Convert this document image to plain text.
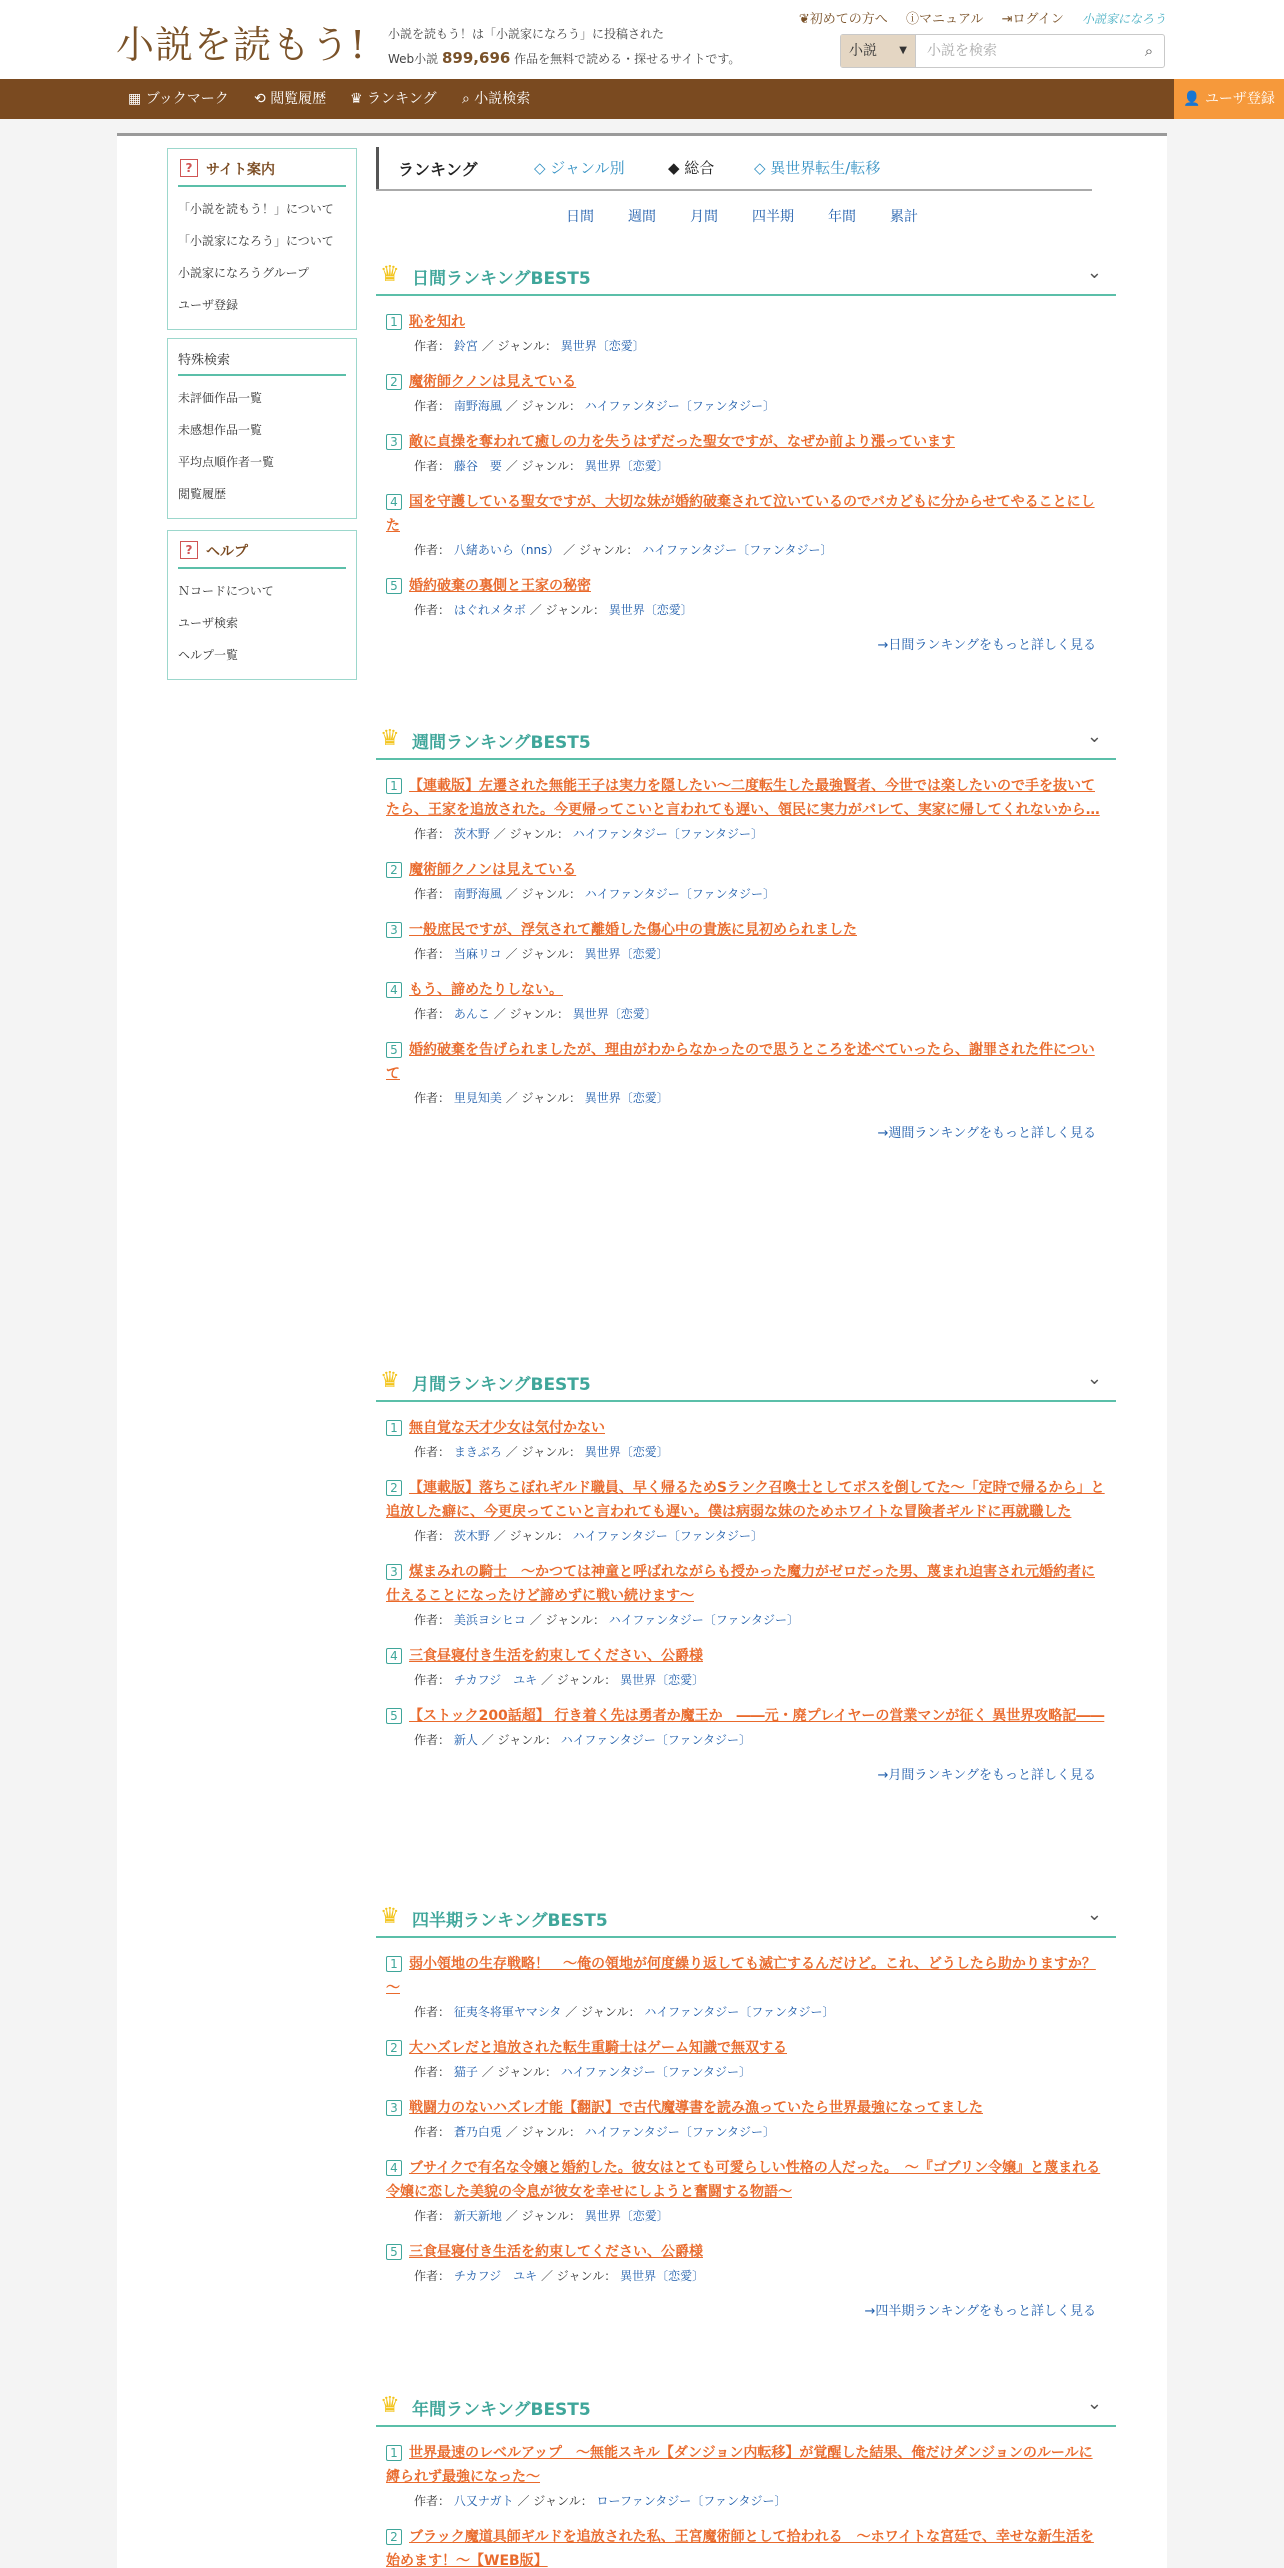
小説を読もう! 小説を読もう！は「小説家になろう」に投稿された
Web小説 899,696 作品を無料で読める・探せるサイトです。
❦初めての方へ ⓘマニュアル ⇥ログイン 小説家になろう
小説 ▼ 小説を検索	⌕
▦ ブックマーク ⟲ 閲覧履歴 ♛ ランキング ⌕ 小説検索	👤 ユーザ登録
? サイト案内
「小説を読もう！」について
「小説家になろう」について
小説家になろうグループ
ユーザ登録
特殊検索
未評価作品一覧
未感想作品一覧
平均点順作者一覧
閲覧履歴
? ヘルプ
Ｎコードについて
ユーザ検索
ヘルプ一覧
ランキング	◇ ジャンル別	◆ 総合	◇ 異世界転生/転移
日間 週間 月間 四半期 年間 累計
♛ 日間ランキングBEST5	⌄
1 恥を知れ
作者： 鈴宮 ／ ジャンル： 異世界〔恋愛〕
2 魔術師クノンは見えている
作者： 南野海風 ／ ジャンル： ハイファンタジー〔ファンタジー〕
3 敵に貞操を奪われて癒しの力を失うはずだった聖女ですが、なぜか前より漲っています
作者： 藤谷　要 ／ ジャンル： 異世界〔恋愛〕
4 国を守護している聖女ですが、大切な妹が婚約破棄されて泣いているのでバカどもに分からせてやることにした
作者： 八緒あいら（nns） ／ ジャンル： ハイファンタジー〔ファンタジー〕
5 婚約破棄の裏側と王家の秘密
作者： はぐれメタボ ／ ジャンル： 異世界〔恋愛〕
→日間ランキングをもっと詳しく見る
♛ 週間ランキングBEST5	⌄
1 【連載版】左遷された無能王子は実力を隠したい～二度転生した最強賢者、今世では楽したいので手を抜いてたら、王家を追放された。今更帰ってこいと言われても遅い、領民に実力がバレて、実家に帰してくれないから…
作者： 茨木野 ／ ジャンル： ハイファンタジー〔ファンタジー〕
2 魔術師クノンは見えている
作者： 南野海風 ／ ジャンル： ハイファンタジー〔ファンタジー〕
3 一般庶民ですが、浮気されて離婚した傷心中の貴族に見初められました
作者： 当麻リコ ／ ジャンル： 異世界〔恋愛〕
4 もう、諦めたりしない。
作者： あんこ ／ ジャンル： 異世界〔恋愛〕
5 婚約破棄を告げられましたが、理由がわからなかったので思うところを述べていったら、謝罪された件について
作者： 里見知美 ／ ジャンル： 異世界〔恋愛〕
→週間ランキングをもっと詳しく見る
♛ 月間ランキングBEST5	⌄
1 無自覚な天才少女は気付かない
作者： まきぶろ ／ ジャンル： 異世界〔恋愛〕
2 【連載版】落ちこぼれギルド職員、早く帰るためSランク召喚士としてボスを倒してた～「定時で帰るから」と追放した癖に、今更戻ってこいと言われても遅い。僕は病弱な妹のためホワイトな冒険者ギルドに再就職した
作者： 茨木野 ／ ジャンル： ハイファンタジー〔ファンタジー〕
3 煤まみれの騎士　～かつては神童と呼ばれながらも授かった魔力がゼロだった男、蔑まれ迫害され元婚約者に仕えることになったけど諦めずに戦い続けます～
作者： 美浜ヨシヒコ ／ ジャンル： ハイファンタジー〔ファンタジー〕
4 三食昼寝付き生活を約束してください、公爵様
作者： チカフジ　ユキ ／ ジャンル： 異世界〔恋愛〕
5 【ストック200話超】 行き着く先は勇者か魔王か　――元・廃プレイヤーの営業マンが征く 異世界攻略記――
作者： 新人 ／ ジャンル： ハイファンタジー〔ファンタジー〕
→月間ランキングをもっと詳しく見る
♛ 四半期ランキングBEST5	⌄
1 弱小領地の生存戦略！　～俺の領地が何度繰り返しても滅亡するんだけど。これ、どうしたら助かりますか？～
作者： 征夷冬将軍ヤマシタ ／ ジャンル： ハイファンタジー〔ファンタジー〕
2 大ハズレだと追放された転生重騎士はゲーム知識で無双する
作者： 猫子 ／ ジャンル： ハイファンタジー〔ファンタジー〕
3 戦闘力のないハズレ才能【翻訳】で古代魔導書を読み漁っていたら世界最強になってました
作者： 蒼乃白兎 ／ ジャンル： ハイファンタジー〔ファンタジー〕
4 ブサイクで有名な令嬢と婚約した。彼女はとても可愛らしい性格の人だった。　～『ゴブリン令嬢』と蔑まれる令嬢に恋した美貌の令息が彼女を幸せにしようと奮闘する物語～
作者： 新天新地 ／ ジャンル： 異世界〔恋愛〕
5 三食昼寝付き生活を約束してください、公爵様
作者： チカフジ　ユキ ／ ジャンル： 異世界〔恋愛〕
→四半期ランキングをもっと詳しく見る
♛ 年間ランキングBEST5	⌄
1 世界最速のレベルアップ　～無能スキル【ダンジョン内転移】が覚醒した結果、俺だけダンジョンのルールに縛られず最強になった～
作者： 八又ナガト ／ ジャンル： ローファンタジー〔ファンタジー〕
2 ブラック魔道具師ギルドを追放された私、王宮魔術師として拾われる　～ホワイトな宮廷で、幸せな新生活を始めます！～【WEB版】
